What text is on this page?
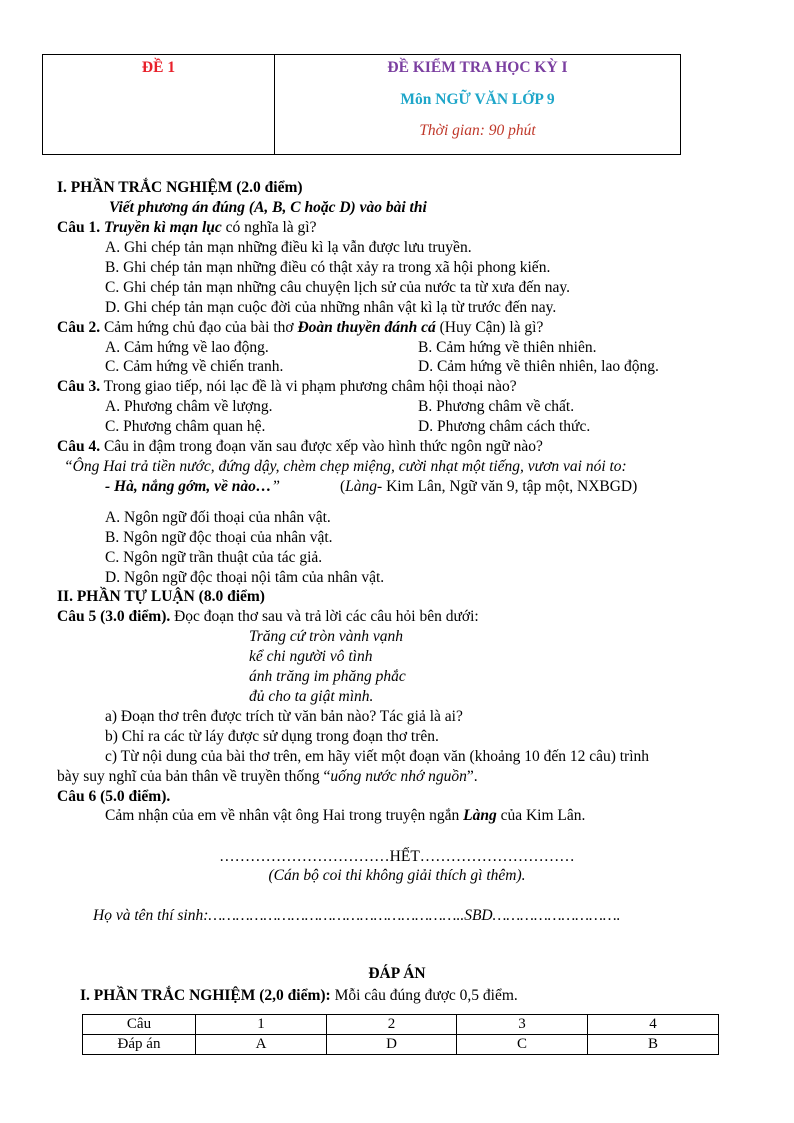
ĐỀ 1	ĐỀ KIỂM TRA HỌC KỲ I
Môn NGỮ VĂN LỚP 9
Thời gian: 90 phút
I. PHẦN TRẮC NGHIỆM (2.0 điểm)
Viết phương án đúng (A, B, C hoặc D) vào bài thi
Câu 1. Truyền kì mạn lục có nghĩa là gì?
A. Ghi chép tản mạn những điều kì lạ vẫn được lưu truyền.
B. Ghi chép tản mạn những điều có thật xảy ra trong xã hội phong kiến.
C. Ghi chép tản mạn những câu chuyện lịch sử của nước ta từ xưa đến nay.
D. Ghi chép tản mạn cuộc đời của những nhân vật kì lạ từ trước đến nay.
Câu 2. Cảm hứng chủ đạo của bài thơ Đoàn thuyền đánh cá (Huy Cận) là gì?
A. Cảm hứng về lao động.	B. Cảm hứng về thiên nhiên.
C. Cảm hứng về chiến tranh.	D. Cảm hứng về thiên nhiên, lao động.
Câu 3. Trong giao tiếp, nói lạc đề là vi phạm phương châm hội thoại nào?
A. Phương châm về lượng.	B. Phương châm về chất.
C. Phương châm quan hệ.	D. Phương châm cách thức.
Câu 4. Câu in đậm trong đoạn văn sau được xếp vào hình thức ngôn ngữ nào?
“Ông Hai trả tiền nước, đứng dậy, chèm chẹp miệng, cười nhạt một tiếng, vươn vai nói to:
- Hà, nắng gớm, về nào…”	(Làng- Kim Lân, Ngữ văn 9, tập một, NXBGD)
A. Ngôn ngữ đối thoại của nhân vật.
B. Ngôn ngữ độc thoại của nhân vật.
C. Ngôn ngữ trần thuật của tác giả.
D. Ngôn ngữ độc thoại nội tâm của nhân vật.
II. PHẦN TỰ LUẬN (8.0 điểm)
Câu 5 (3.0 điểm). Đọc đoạn thơ sau và trả lời các câu hỏi bên dưới:
Trăng cứ tròn vành vạnh
kể chi người vô tình
ánh trăng im phăng phắc
đủ cho ta giật mình.
a) Đoạn thơ trên được trích từ văn bản nào? Tác giả là ai?
b) Chỉ ra các từ láy được sử dụng trong đoạn thơ trên.
c) Từ nội dung của bài thơ trên, em hãy viết một đoạn văn (khoảng 10 đến 12 câu) trình
bày suy nghĩ của bản thân về truyền thống “uống nước nhớ nguồn”.
Câu 6 (5.0 điểm).
Cảm nhận của em về nhân vật ông Hai trong truyện ngắn Làng của Kim Lân.
……………………………HẾT…………………………
(Cán bộ coi thi không giải thích gì thêm).
Họ và tên thí sinh:………………………………………………..SBD……………………….
ĐÁP ÁN
I. PHẦN TRẮC NGHIỆM (2,0 điểm): Mỗi câu đúng được 0,5 điểm.
Câu	1	2	3	4
Đáp án	A	D	C	B
